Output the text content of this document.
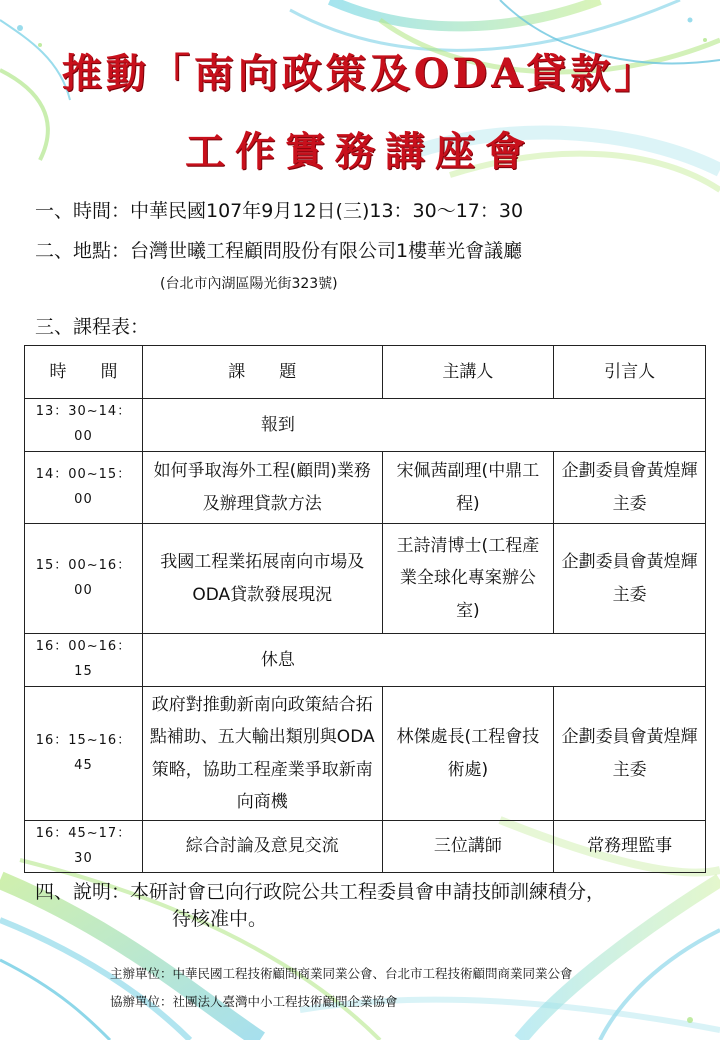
推動「南向政策及ODA貸款」
工作實務講座會
一、時間：中華民國107年9月12日(三)13：30～17：30
二、地點：台灣世曦工程顧問股份有限公司1樓華光會議廳
(台北市內湖區陽光街323號)
三、課程表：
時　　間	課　　題	主講人	引言人
13：30~14：00	報到		
14：00~15：00	如何爭取海外工程(顧問)業務及辦理貸款方法	宋佩茜副理(中鼎工程)	企劃委員會黃煌輝主委
15：00~16：00	我國工程業拓展南向市場及ODA貸款發展現況	王詩清博士(工程產業全球化專案辦公室)	企劃委員會黃煌輝主委
16：00~16：15	休息		
16：15~16：45	政府對推動新南向政策結合拓點補助、五大輸出類別與ODA策略，協助工程產業爭取新南向商機	林傑處長(工程會技術處)	企劃委員會黃煌輝主委
16：45~17：30	綜合討論及意見交流	三位講師	常務理監事
四、說明：本研討會已向行政院公共工程委員會申請技師訓練積分，
待核准中。
主辦單位：中華民國工程技術顧問商業同業公會、台北市工程技術顧問商業同業公會
協辦單位：社團法人臺灣中小工程技術顧問企業協會
